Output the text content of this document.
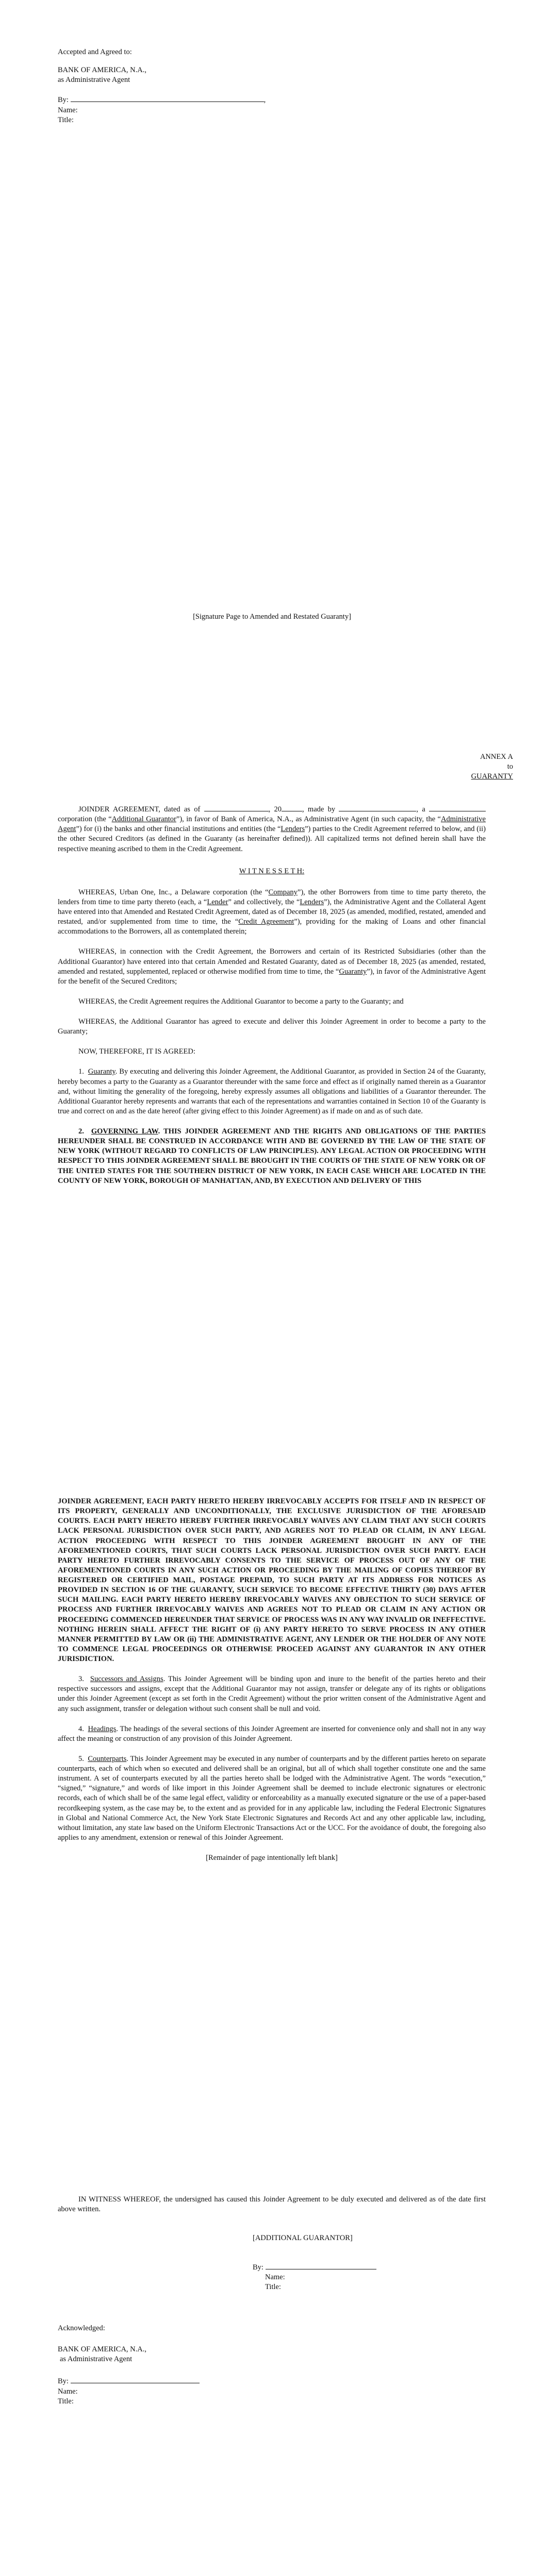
Accepted and Agreed to:

BANK OF AMERICA, N.A.,

as Administrative Agent

By:	,

Name:

Title:

[Signature Page to Amended and Restated Guaranty]

ANNEX A

to

GUARANTY

JOINDER AGREEMENT, dated as of	, 20	, made by	, a  corporation (the “Additional Guarantor”), in favor of Bank of America, N.A., as Administrative Agent (in such capacity, the “Administrative Agent”) for (i) the banks and other financial institutions and entities (the “Lenders”) parties to the Credit Agreement referred to below, and (ii) the other Secured Creditors (as defined in the Guaranty (as hereinafter defined)). All capitalized terms not defined herein shall have the respective meaning ascribed to them in the Credit Agreement.

W I T N E S S E T H:

WHEREAS, Urban One, Inc., a Delaware corporation (the “Company”), the other Borrowers from time to time party thereto, the lenders from time to time party thereto (each, a “Lender” and collectively, the “Lenders”), the Administrative Agent and the Collateral Agent have entered into that Amended and Restated Credit Agreement, dated as of December 18, 2025 (as amended, modified, restated, amended and restated, and/or supplemented from time to time, the “Credit Agreement”), providing for the making of Loans and other financial accommodations to the Borrowers, all as contemplated therein;

WHEREAS, in connection with the Credit Agreement, the Borrowers and certain of its Restricted Subsidiaries (other than the Additional Guarantor) have entered into that certain Amended and Restated Guaranty, dated as of December 18, 2025 (as amended, restated, amended and restated, supplemented, replaced or otherwise modified from time to time, the “Guaranty”), in favor of the Administrative Agent for the benefit of the Secured Creditors;

WHEREAS, the Credit Agreement requires the Additional Guarantor to become a party to the Guaranty; and

WHEREAS, the Additional Guarantor has agreed to execute and deliver this Joinder Agreement in order to become a party to the Guaranty;

NOW, THEREFORE, IT IS AGREED:

1. Guaranty. By executing and delivering this Joinder Agreement, the Additional Guarantor, as provided in Section 24 of the Guaranty, hereby becomes a party to the Guaranty as a Guarantor thereunder with the same force and effect as if originally named therein as a Guarantor and, without limiting the generality of the foregoing, hereby expressly assumes all obligations and liabilities of a Guarantor thereunder. The Additional Guarantor hereby represents and warrants that each of the representations and warranties contained in Section 10 of the Guaranty is true and correct on and as the date hereof (after giving effect to this Joinder Agreement) as if made on and as of such date.

2. GOVERNING LAW. THIS JOINDER AGREEMENT AND THE RIGHTS AND OBLIGATIONS OF THE PARTIES HEREUNDER SHALL BE CONSTRUED IN ACCORDANCE WITH AND BE GOVERNED BY THE LAW OF THE STATE OF NEW YORK (WITHOUT REGARD TO CONFLICTS OF LAW PRINCIPLES). ANY LEGAL ACTION OR PROCEEDING WITH RESPECT TO THIS JOINDER AGREEMENT SHALL BE BROUGHT IN THE COURTS OF THE STATE OF NEW YORK OR OF THE UNITED STATES FOR THE SOUTHERN DISTRICT OF NEW YORK, IN EACH CASE WHICH ARE LOCATED IN THE COUNTY OF NEW YORK, BOROUGH OF MANHATTAN, AND, BY EXECUTION AND DELIVERY OF THIS

JOINDER AGREEMENT, EACH PARTY HERETO HEREBY IRREVOCABLY ACCEPTS FOR ITSELF AND IN RESPECT OF ITS PROPERTY, GENERALLY AND UNCONDITIONALLY, THE EXCLUSIVE JURISDICTION OF THE AFORESAID COURTS. EACH PARTY HERETO HEREBY FURTHER IRREVOCABLY WAIVES ANY CLAIM THAT ANY SUCH COURTS LACK PERSONAL JURISDICTION OVER SUCH PARTY, AND AGREES NOT TO PLEAD OR CLAIM, IN ANY LEGAL ACTION PROCEEDING WITH RESPECT TO THIS JOINDER AGREEMENT BROUGHT IN ANY OF THE AFOREMENTIONED COURTS, THAT SUCH COURTS LACK PERSONAL JURISDICTION OVER SUCH PARTY. EACH PARTY HERETO FURTHER IRREVOCABLY CONSENTS TO THE SERVICE OF PROCESS OUT OF ANY OF THE AFOREMENTIONED COURTS IN ANY SUCH ACTION OR PROCEEDING BY THE MAILING OF COPIES THEREOF BY REGISTERED OR CERTIFIED MAIL, POSTAGE PREPAID, TO SUCH PARTY AT ITS ADDRESS FOR NOTICES AS PROVIDED IN SECTION 16 OF THE GUARANTY, SUCH SERVICE TO BECOME EFFECTIVE THIRTY (30) DAYS AFTER SUCH MAILING. EACH PARTY HERETO HEREBY IRREVOCABLY WAIVES ANY OBJECTION TO SUCH SERVICE OF PROCESS AND FURTHER IRREVOCABLY WAIVES AND AGREES NOT TO PLEAD OR CLAIM IN ANY ACTION OR PROCEEDING COMMENCED HEREUNDER THAT SERVICE OF PROCESS WAS IN ANY WAY INVALID OR INEFFECTIVE. NOTHING HEREIN SHALL AFFECT THE RIGHT OF (i) ANY PARTY HERETO TO SERVE PROCESS IN ANY OTHER MANNER PERMITTED BY LAW OR (ii) THE ADMINISTRATIVE AGENT, ANY LENDER OR THE HOLDER OF ANY NOTE TO COMMENCE LEGAL PROCEEDINGS OR OTHERWISE PROCEED AGAINST ANY GUARANTOR IN ANY OTHER JURISDICTION.

3. Successors and Assigns. This Joinder Agreement will be binding upon and inure to the benefit of the parties hereto and their respective successors and assigns, except that the Additional Guarantor may not assign, transfer or delegate any of its rights or obligations under this Joinder Agreement (except as set forth in the Credit Agreement) without the prior written consent of the Administrative Agent and any such assignment, transfer or delegation without such consent shall be null and void.

4. Headings. The headings of the several sections of this Joinder Agreement are inserted for convenience only and shall not in any way affect the meaning or construction of any provision of this Joinder Agreement.

5. Counterparts. This Joinder Agreement may be executed in any number of counterparts and by the different parties hereto on separate counterparts, each of which when so executed and delivered shall be an original, but all of which shall together constitute one and the same instrument. A set of counterparts executed by all the parties hereto shall be lodged with the Administrative Agent. The words “execution,” “signed,” “signature,” and words of like import in this Joinder Agreement shall be deemed to include electronic signatures or electronic records, each of which shall be of the same legal effect, validity or enforceability as a manually executed signature or the use of a paper-based recordkeeping system, as the case may be, to the extent and as provided for in any applicable law, including the Federal Electronic Signatures in Global and National Commerce Act, the New York State Electronic Signatures and Records Act and any other applicable law, including, without limitation, any state law based on the Uniform Electronic Transactions Act or the UCC. For the avoidance of doubt, the foregoing also applies to any amendment, extension or renewal of this Joinder Agreement.

[Remainder of page intentionally left blank]

IN WITNESS WHEREOF, the undersigned has caused this Joinder Agreement to be duly executed and delivered as of the date first above written.

[ADDITIONAL GUARANTOR]

By:

Name:

Title:

Acknowledged:

BANK OF AMERICA, N.A.,

as Administrative Agent

By:

Name:

Title:
